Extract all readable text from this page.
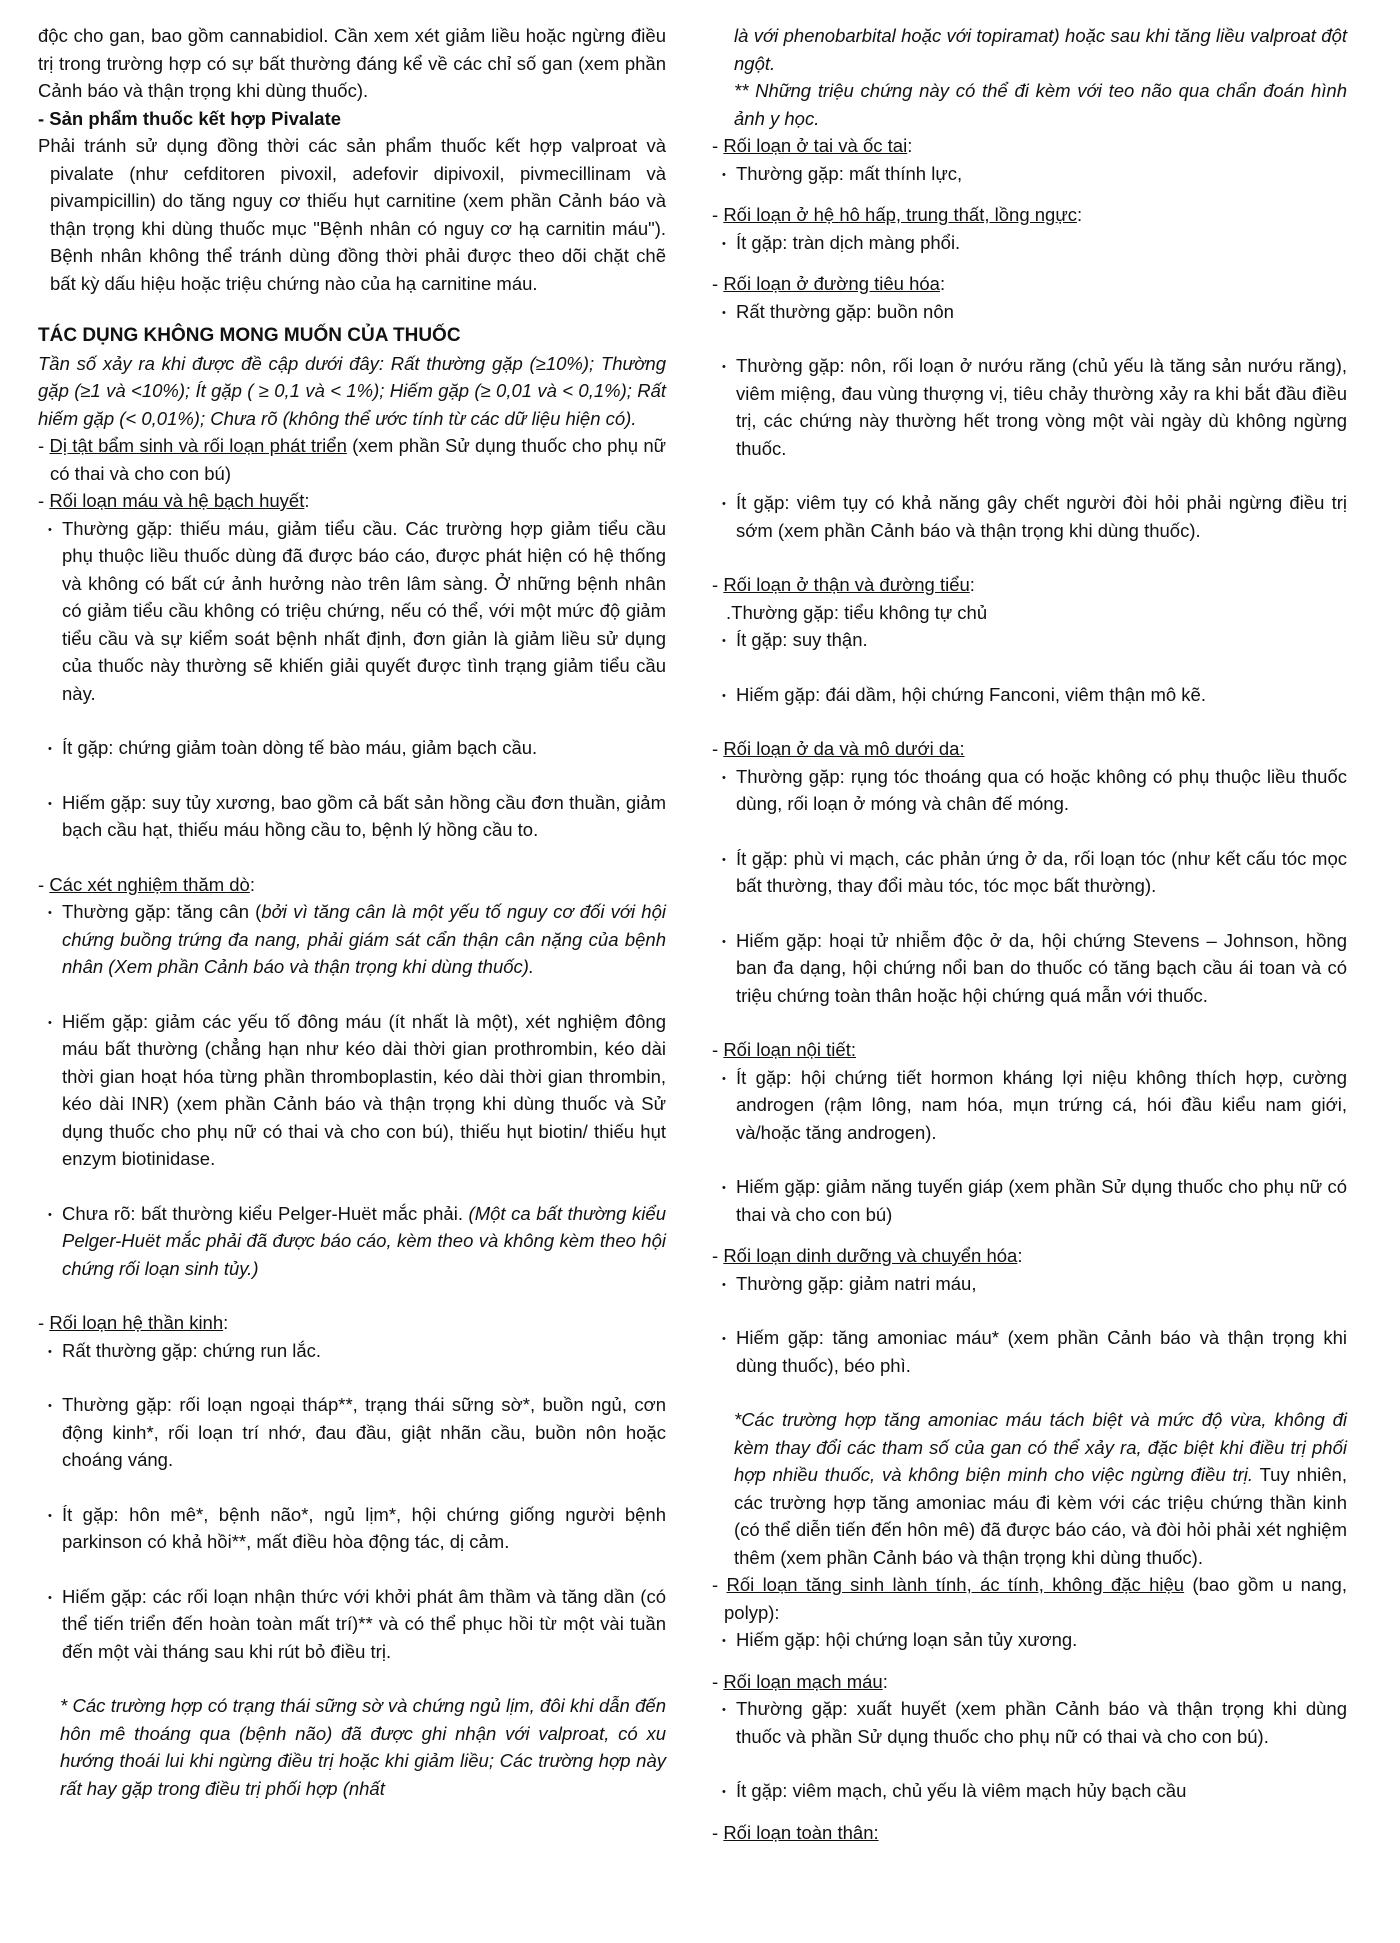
độc cho gan, bao gồm cannabidiol. Cần xem xét giảm liều hoặc ngừng điều trị trong trường hợp có sự bất thường đáng kể về các chỉ số gan (xem phần Cảnh báo và thận trọng khi dùng thuốc).

- Sản phẩm thuốc kết hợp Pivalate

Phải tránh sử dụng đồng thời các sản phẩm thuốc kết hợp valproat và pivalate (như cefditoren pivoxil, adefovir dipivoxil, pivmecillinam và pivampicillin) do tăng nguy cơ thiếu hụt carnitine (xem phần Cảnh báo và thận trọng khi dùng thuốc mục "Bệnh nhân có nguy cơ hạ carnitin máu"). Bệnh nhân không thể tránh dùng đồng thời phải được theo dõi chặt chẽ bất kỳ dấu hiệu hoặc triệu chứng nào của hạ carnitine máu.

TÁC DỤNG KHÔNG MONG MUỐN CỦA THUỐC

Tần số xảy ra khi được đề cập dưới đây: Rất thường gặp (≥10%); Thường gặp (≥1 và <10%); Ít gặp ( ≥ 0,1 và < 1%); Hiếm gặp (≥ 0,01 và < 0,1%); Rất hiếm gặp (< 0,01%); Chưa rõ (không thể ước tính từ các dữ liệu hiện có).

- Dị tật bẩm sinh và rối loạn phát triển (xem phần Sử dụng thuốc cho phụ nữ có thai và cho con bú)

- Rối loạn máu và hệ bạch huyết:

• Thường gặp: thiếu máu, giảm tiểu cầu. Các trường hợp giảm tiểu cầu phụ thuộc liều thuốc dùng đã được báo cáo, được phát hiện có hệ thống và không có bất cứ ảnh hưởng nào trên lâm sàng. Ở những bệnh nhân có giảm tiểu cầu không có triệu chứng, nếu có thể, với một mức độ giảm tiểu cầu và sự kiểm soát bệnh nhất định, đơn giản là giảm liều sử dụng của thuốc này thường sẽ khiến giải quyết được tình trạng giảm tiểu cầu này.

• Ít gặp: chứng giảm toàn dòng tế bào máu, giảm bạch cầu.

• Hiếm gặp: suy tủy xương, bao gồm cả bất sản hồng cầu đơn thuần, giảm bạch cầu hạt, thiếu máu hồng cầu to, bệnh lý hồng cầu to.

- Các xét nghiệm thăm dò:

• Thường gặp: tăng cân (bởi vì tăng cân là một yếu tố nguy cơ đối với hội chứng buồng trứng đa nang, phải giám sát cẩn thận cân nặng của bệnh nhân (Xem phần Cảnh báo và thận trọng khi dùng thuốc).

• Hiếm gặp: giảm các yếu tố đông máu (ít nhất là một), xét nghiệm đông máu bất thường (chẳng hạn như kéo dài thời gian prothrombin, kéo dài thời gian hoạt hóa từng phần thromboplastin, kéo dài thời gian thrombin, kéo dài INR) (xem phần Cảnh báo và thận trọng khi dùng thuốc và Sử dụng thuốc cho phụ nữ có thai và cho con bú), thiếu hụt biotin/ thiếu hụt enzym biotinidase.

• Chưa rõ: bất thường kiểu Pelger-Huët mắc phải. (Một ca bất thường kiểu Pelger-Huët mắc phải đã được báo cáo, kèm theo và không kèm theo hội chứng rối loạn sinh tủy.)

- Rối loạn hệ thần kinh:

• Rất thường gặp: chứng run lắc.

• Thường gặp: rối loạn ngoại tháp**, trạng thái sững sờ*, buồn ngủ, cơn động kinh*, rối loạn trí nhớ, đau đầu, giật nhãn cầu, buồn nôn hoặc choáng váng.

• Ít gặp: hôn mê*, bệnh não*, ngủ lịm*, hội chứng giống người bệnh parkinson có khả hồi**, mất điều hòa động tác, dị cảm.

• Hiếm gặp: các rối loạn nhận thức với khởi phát âm thầm và tăng dần (có thể tiến triển đến hoàn toàn mất trí)** và có thể phục hồi từ một vài tuần đến một vài tháng sau khi rút bỏ điều trị.

* Các trường hợp có trạng thái sững sờ và chứng ngủ lịm, đôi khi dẫn đến hôn mê thoáng qua (bệnh não) đã được ghi nhận với valproat, có xu hướng thoái lui khi ngừng điều trị hoặc khi giảm liều; Các trường hợp này rất hay gặp trong điều trị phối hợp (nhất

là với phenobarbital hoặc với topiramat) hoặc sau khi tăng liều valproat đột ngột.

** Những triệu chứng này có thể đi kèm với teo não qua chẩn đoán hình ảnh y học.

- Rối loạn ở tai và ốc tai:

• Thường gặp: mất thính lực,

- Rối loạn ở hệ hô hấp, trung thất, lồng ngực:

• Ít gặp: tràn dịch màng phổi.

- Rối loạn ở đường tiêu hóa:

• Rất thường gặp: buồn nôn

• Thường gặp: nôn, rối loạn ở nướu răng (chủ yếu là tăng sản nướu răng), viêm miệng, đau vùng thượng vị, tiêu chảy thường xảy ra khi bắt đầu điều trị, các chứng này thường hết trong vòng một vài ngày dù không ngừng thuốc.

• Ít gặp: viêm tụy có khả năng gây chết người đòi hỏi phải ngừng điều trị sớm (xem phần Cảnh báo và thận trọng khi dùng thuốc).

- Rối loạn ở thận và đường tiểu:

.Thường gặp: tiểu không tự chủ

• Ít gặp: suy thận.

• Hiếm gặp: đái dầm, hội chứng Fanconi, viêm thận mô kẽ.

- Rối loạn ở da và mô dưới da:

• Thường gặp: rụng tóc thoáng qua có hoặc không có phụ thuộc liều thuốc dùng, rối loạn ở móng và chân đế móng.

• Ít gặp: phù vi mạch, các phản ứng ở da, rối loạn tóc (như kết cấu tóc mọc bất thường, thay đổi màu tóc, tóc mọc bất thường).

• Hiếm gặp: hoại tử nhiễm độc ở da, hội chứng Stevens – Johnson, hồng ban đa dạng, hội chứng nổi ban do thuốc có tăng bạch cầu ái toan và có triệu chứng toàn thân hoặc hội chứng quá mẫn với thuốc.

- Rối loạn nội tiết:

• Ít gặp: hội chứng tiết hormon kháng lợi niệu không thích hợp, cường androgen (rậm lông, nam hóa, mụn trứng cá, hói đầu kiểu nam giới, và/hoặc tăng androgen).

• Hiếm gặp: giảm năng tuyến giáp (xem phần Sử dụng thuốc cho phụ nữ có thai và cho con bú)

- Rối loạn dinh dưỡng và chuyển hóa:

• Thường gặp: giảm natri máu,

• Hiếm gặp: tăng amoniac máu* (xem phần Cảnh báo và thận trọng khi dùng thuốc), béo phì.

*Các trường hợp tăng amoniac máu tách biệt và mức độ vừa, không đi kèm thay đổi các tham số của gan có thể xảy ra, đặc biệt khi điều trị phối hợp nhiều thuốc, và không biện minh cho việc ngừng điều trị. Tuy nhiên, các trường hợp tăng amoniac máu đi kèm với các triệu chứng thần kinh (có thể diễn tiến đến hôn mê) đã được báo cáo, và đòi hỏi phải xét nghiệm thêm (xem phần Cảnh báo và thận trọng khi dùng thuốc).

- Rối loạn tăng sinh lành tính, ác tính, không đặc hiệu (bao gồm u nang, polyp):

• Hiếm gặp: hội chứng loạn sản tủy xương.

- Rối loạn mạch máu:

• Thường gặp: xuất huyết (xem phần Cảnh báo và thận trọng khi dùng thuốc và phần Sử dụng thuốc cho phụ nữ có thai và cho con bú).

• Ít gặp: viêm mạch, chủ yếu là viêm mạch hủy bạch cầu

- Rối loạn toàn thân:
